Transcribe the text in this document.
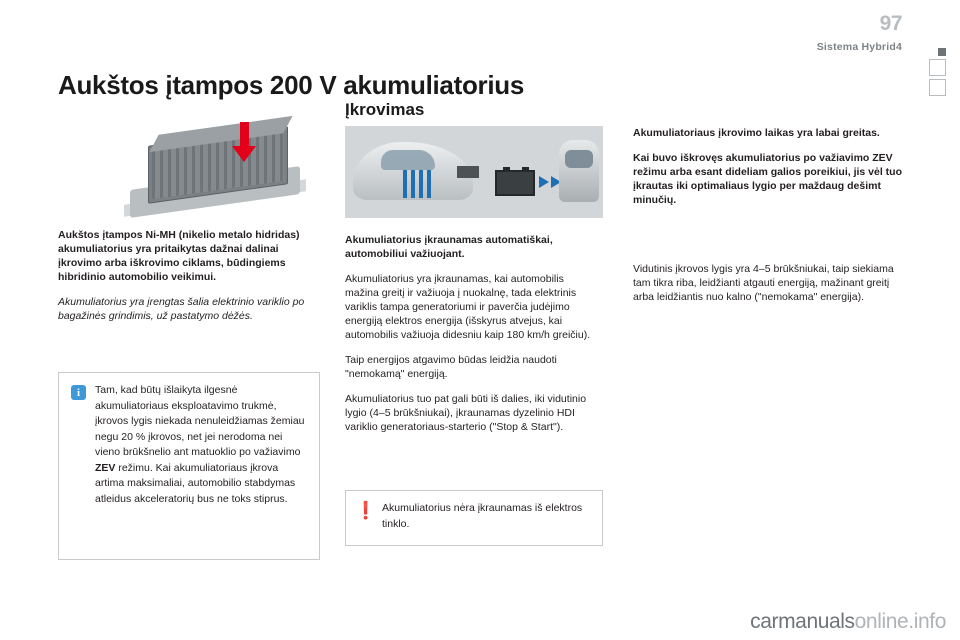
97
Sistema Hybrid4
Aukštos įtampos 200 V akumuliatorius
Įkrovimas

Aukštos įtampos Ni-MH (nikelio metalo hidridas) akumuliatorius yra pritaikytas dažnai dalinai įkrovimo arba iškrovimo ciklams, būdingiems hibridinio automobilio veikimui.

Akumuliatorius yra įrengtas šalia elektrinio variklio po bagažinės grindimis, už pastatymo dėžės.

Akumuliatorius įkraunamas automatiškai, automobiliui važiuojant.

Akumuliatorius yra įkraunamas, kai automobilis mažina greitį ir važiuoja į nuokalnę, tada elektrinis variklis tampa generatoriumi ir paverčia judėjimo energiją elektros energija (išskyrus atvejus, kai automobilis važiuoja didesniu kaip 180 km/h greičiu).

Taip energijos atgavimo būdas leidžia naudoti "nemokamą" energiją.

Akumuliatorius tuo pat gali būti iš dalies, iki vidutinio lygio (4–5 brūkšniukai), įkraunamas dyzelinio HDI variklio generatoriaus-starterio ("Stop & Start").

Akumuliatoriaus įkrovimo laikas yra labai greitas.

Kai buvo iškrovęs akumuliatorius po važiavimo ZEV režimu arba esant dideliam galios poreikiui, jis vėl tuo įkrautas iki optimaliaus lygio per maždaug dešimt minučių.

Vidutinis įkrovos lygis yra 4–5 brūkšniukai, taip siekiama tam tikra riba, leidžianti atgauti energiją, mažinant greitį arba leidžiantis nuo kalno ("nemokama" energija).

i	Tam, kad būtų išlaikyta ilgesnė akumuliatoriaus eksploatavimo trukmė, įkrovos lygis niekada nenuleidžiamas žemiau negu 20 % įkrovos, net jei nerodoma nei vieno brūkšnelio ant matuoklio po važiavimo ZEV režimu. Kai akumuliatoriaus įkrova artima maksimaliai, automobilio stabdymas atleidus akceleratorių bus ne toks stiprus.
❗ Akumuliatorius nėra įkraunamas iš elektros tinklo.
carmanualsonline.info
